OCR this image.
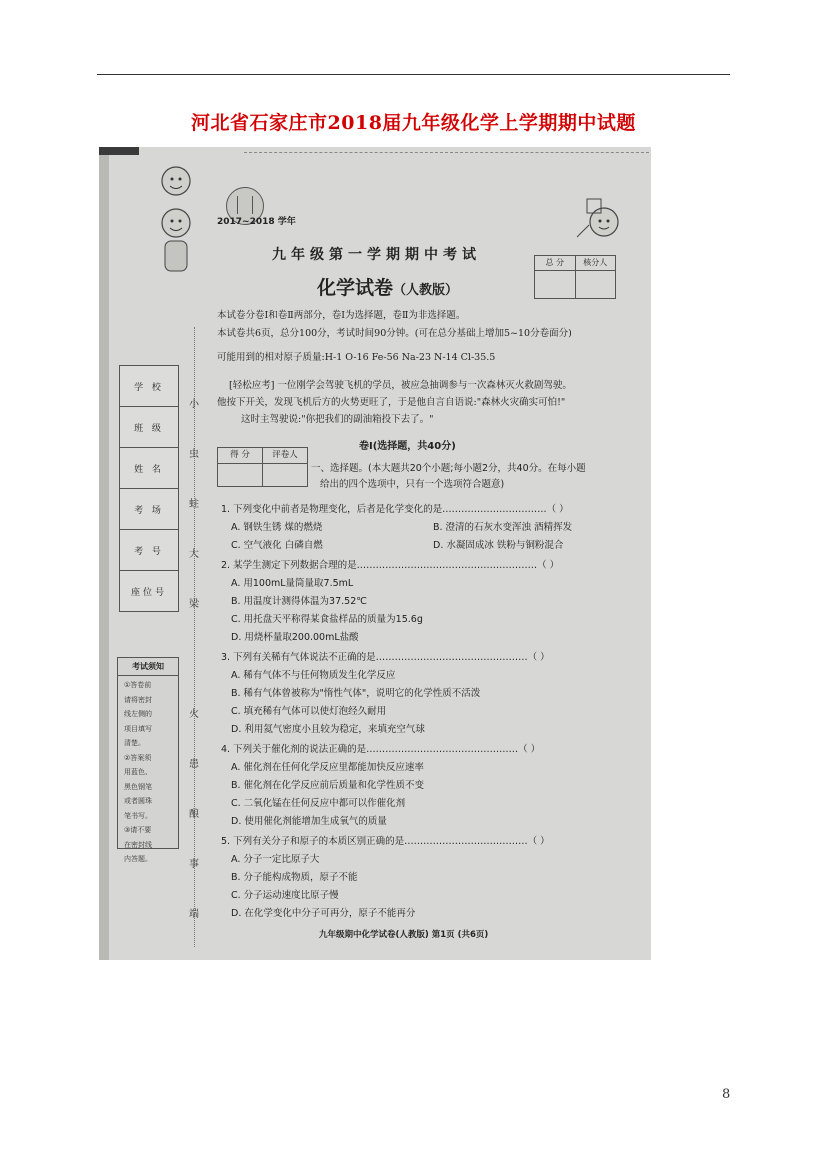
河北省石家庄市2018届九年级化学上学期期中试题
2017~2018 学年
九年级第一学期期中考试
化学试卷（人教版）
总 分	核分人
本试卷分卷Ⅰ和卷Ⅱ两部分，卷Ⅰ为选择题，卷Ⅱ为非选择题。
本试卷共6页，总分100分，考试时间90分钟。(可在总分基础上增加5~10分卷面分)
可能用到的相对原子质量:H-1 O-16 Fe-56 Na-23 N-14 Cl-35.5
[轻松应考] 一位刚学会驾驶飞机的学员，被应急抽调参与一次森林灭火救剧驾驶。
他按下开关，发现飞机后方的火势更旺了，于是他自言自语说:"森林火灾确实可怕!"
这时主驾驶说:"你把我们的副油箱投下去了。"
卷Ⅰ(选择题，共40分)
得 分	评卷人
一、选择题。(本大题共20个小题;每小题2分，共40分。在每小题
给出的四个选项中，只有一个选项符合题意)
1. 下列变化中前者是物理变化，后者是化学变化的是……………………………（ ）
A. 钢铁生锈 煤的燃烧	B. 澄清的石灰水变浑浊 酒精挥发
C. 空气液化 白磷自燃	D. 水凝固成冰 铁粉与铜粉混合
2. 某学生测定下列数据合理的是…………………………………………………（ ）
A. 用100mL量筒量取7.5mL
B. 用温度计测得体温为37.52℃
C. 用托盘天平称得某食盐样品的质量为15.6g
D. 用烧杯量取200.00mL盐酸
3. 下列有关稀有气体说法不正确的是…………………………………………（ ）
A. 稀有气体不与任何物质发生化学反应
B. 稀有气体曾被称为"惰性气体"，说明它的化学性质不活泼
C. 填充稀有气体可以使灯泡经久耐用
D. 利用氦气密度小且较为稳定，来填充空气球
4. 下列关于催化剂的说法正确的是…………………………………………（ ）
A. 催化剂在任何化学反应里都能加快反应速率
B. 催化剂在化学反应前后质量和化学性质不变
C. 二氧化锰在任何反应中都可以作催化剂
D. 使用催化剂能增加生成氧气的质量
5. 下列有关分子和原子的本质区别正确的是…………………………………（ ）
A. 分子一定比原子大
B. 分子能构成物质，原子不能
C. 分子运动速度比原子慢
D. 在化学变化中分子可再分，原子不能再分
九年级期中化学试卷(人教版) 第1页 (共6页)
学 校
班 级
姓 名
考 场
考 号
座位号
考试须知
①答卷前
请将密封
线左侧的
项目填写
清楚。
②答案须
用蓝色、
黑色钢笔
或者圆珠
笔书写。
③请不要
在密封线
内答题。
小
虫
蛀
大
梁
火
患
酿
事
端
8
